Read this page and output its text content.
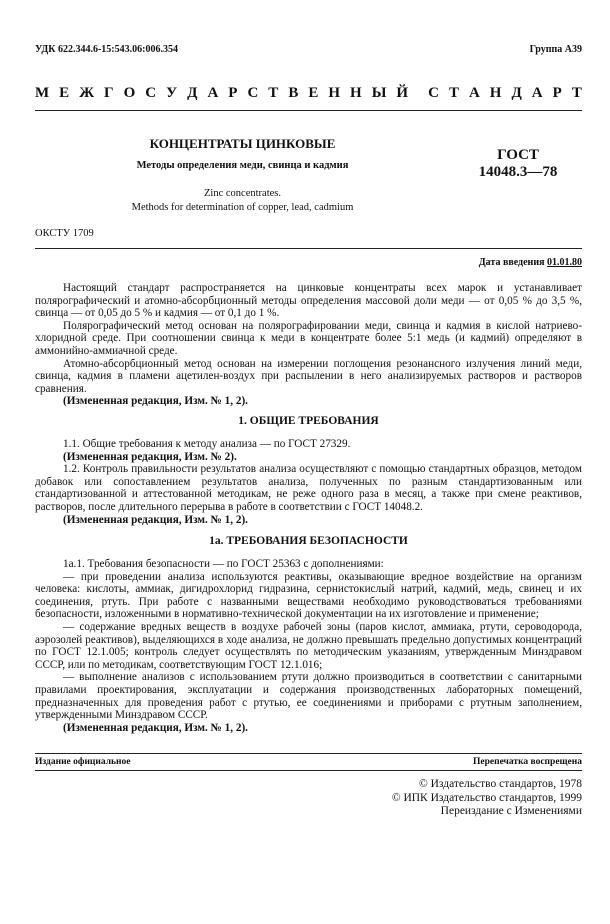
УДК 622.344.6-15:543.06:006.354	Группа А39
М Е Ж Г О С У Д А Р С Т В Е Н Н Ы Й С Т А Н Д А Р Т
КОНЦЕНТРАТЫ ЦИНКОВЫЕ
Методы определения меди, свинца и кадмия
ГОСТ
14048.3—78
Zinc concentrates.
Methods for determination of copper, lead, cadmium
ОКСТУ 1709
Дата введения 01.01.80

Настоящий стандарт распространяется на цинковые концентраты всех марок и устанавливает полярографический и атомно-абсорбционный методы определения массовой доли меди — от 0,05 % до 3,5 %, свинца — от 0,05 до 5 % и кадмия — от 0,1 до 1 %.

Полярографический метод основан на полярографировании меди, свинца и кадмия в кислой натриево-хлоридной среде. При соотношении свинца к меди в концентрате более 5:1 медь (и кадмий) определяют в аммонийно-аммиачной среде.

Атомно-абсорбционный метод основан на измерении поглощения резонансного излучения линий меди, свинца, кадмия в пламени ацетилен-воздух при распылении в него анализируемых растворов и растворов сравнения.

(Измененная редакция, Изм. № 1, 2).

1. ОБЩИЕ ТРЕБОВАНИЯ

1.1. Общие требования к методу анализа — по ГОСТ 27329.

(Измененная редакция, Изм. № 2).

1.2. Контроль правильности результатов анализа осуществляют с помощью стандартных образцов, методом добавок или сопоставлением результатов анализа, полученных по разным стандартизованным или стандартизованной и аттестованной методикам, не реже одного раза в месяц, а также при смене реактивов, растворов, после длительного перерыва в работе в соответствии с ГОСТ 14048.2.

(Измененная редакция, Изм. № 1, 2).

1а. ТРЕБОВАНИЯ БЕЗОПАСНОСТИ

1а.1. Требования безопасности — по ГОСТ 25363 с дополнениями:

— при проведении анализа используются реактивы, оказывающие вредное воздействие на организм человека: кислоты, аммиак, дигидрохлорид гидразина, сернистокислый натрий, кадмий, медь, свинец и их соединения, ртуть. При работе с названными веществами необходимо руководствоваться требованиями безопасности, изложенными в нормативно-технической документации на их изготовление и применение;

— содержание вредных веществ в воздухе рабочей зоны (паров кислот, аммиака, ртути, сероводорода, аэрозолей реактивов), выделяющихся в ходе анализа, не должно превышать предельно допустимых концентраций по ГОСТ 12.1.005; контроль следует осуществлять по методическим указаниям, утвержденным Минздравом СССР, или по методикам, соответствующим ГОСТ 12.1.016;

— выполнение анализов с использованием ртути должно производиться в соответствии с санитарными правилами проектирования, эксплуатации и содержания производственных лабораторных помещений, предназначенных для проведения работ с ртутью, ее соединениями и приборами с ртутным заполнением, утвержденными Минздравом СССР.

(Измененная редакция, Изм. № 1, 2).

Издание официальное	Перепечатка воспрещена
© Издательство стандартов, 1978
© ИПК Издательство стандартов, 1999
Переиздание с Изменениями
